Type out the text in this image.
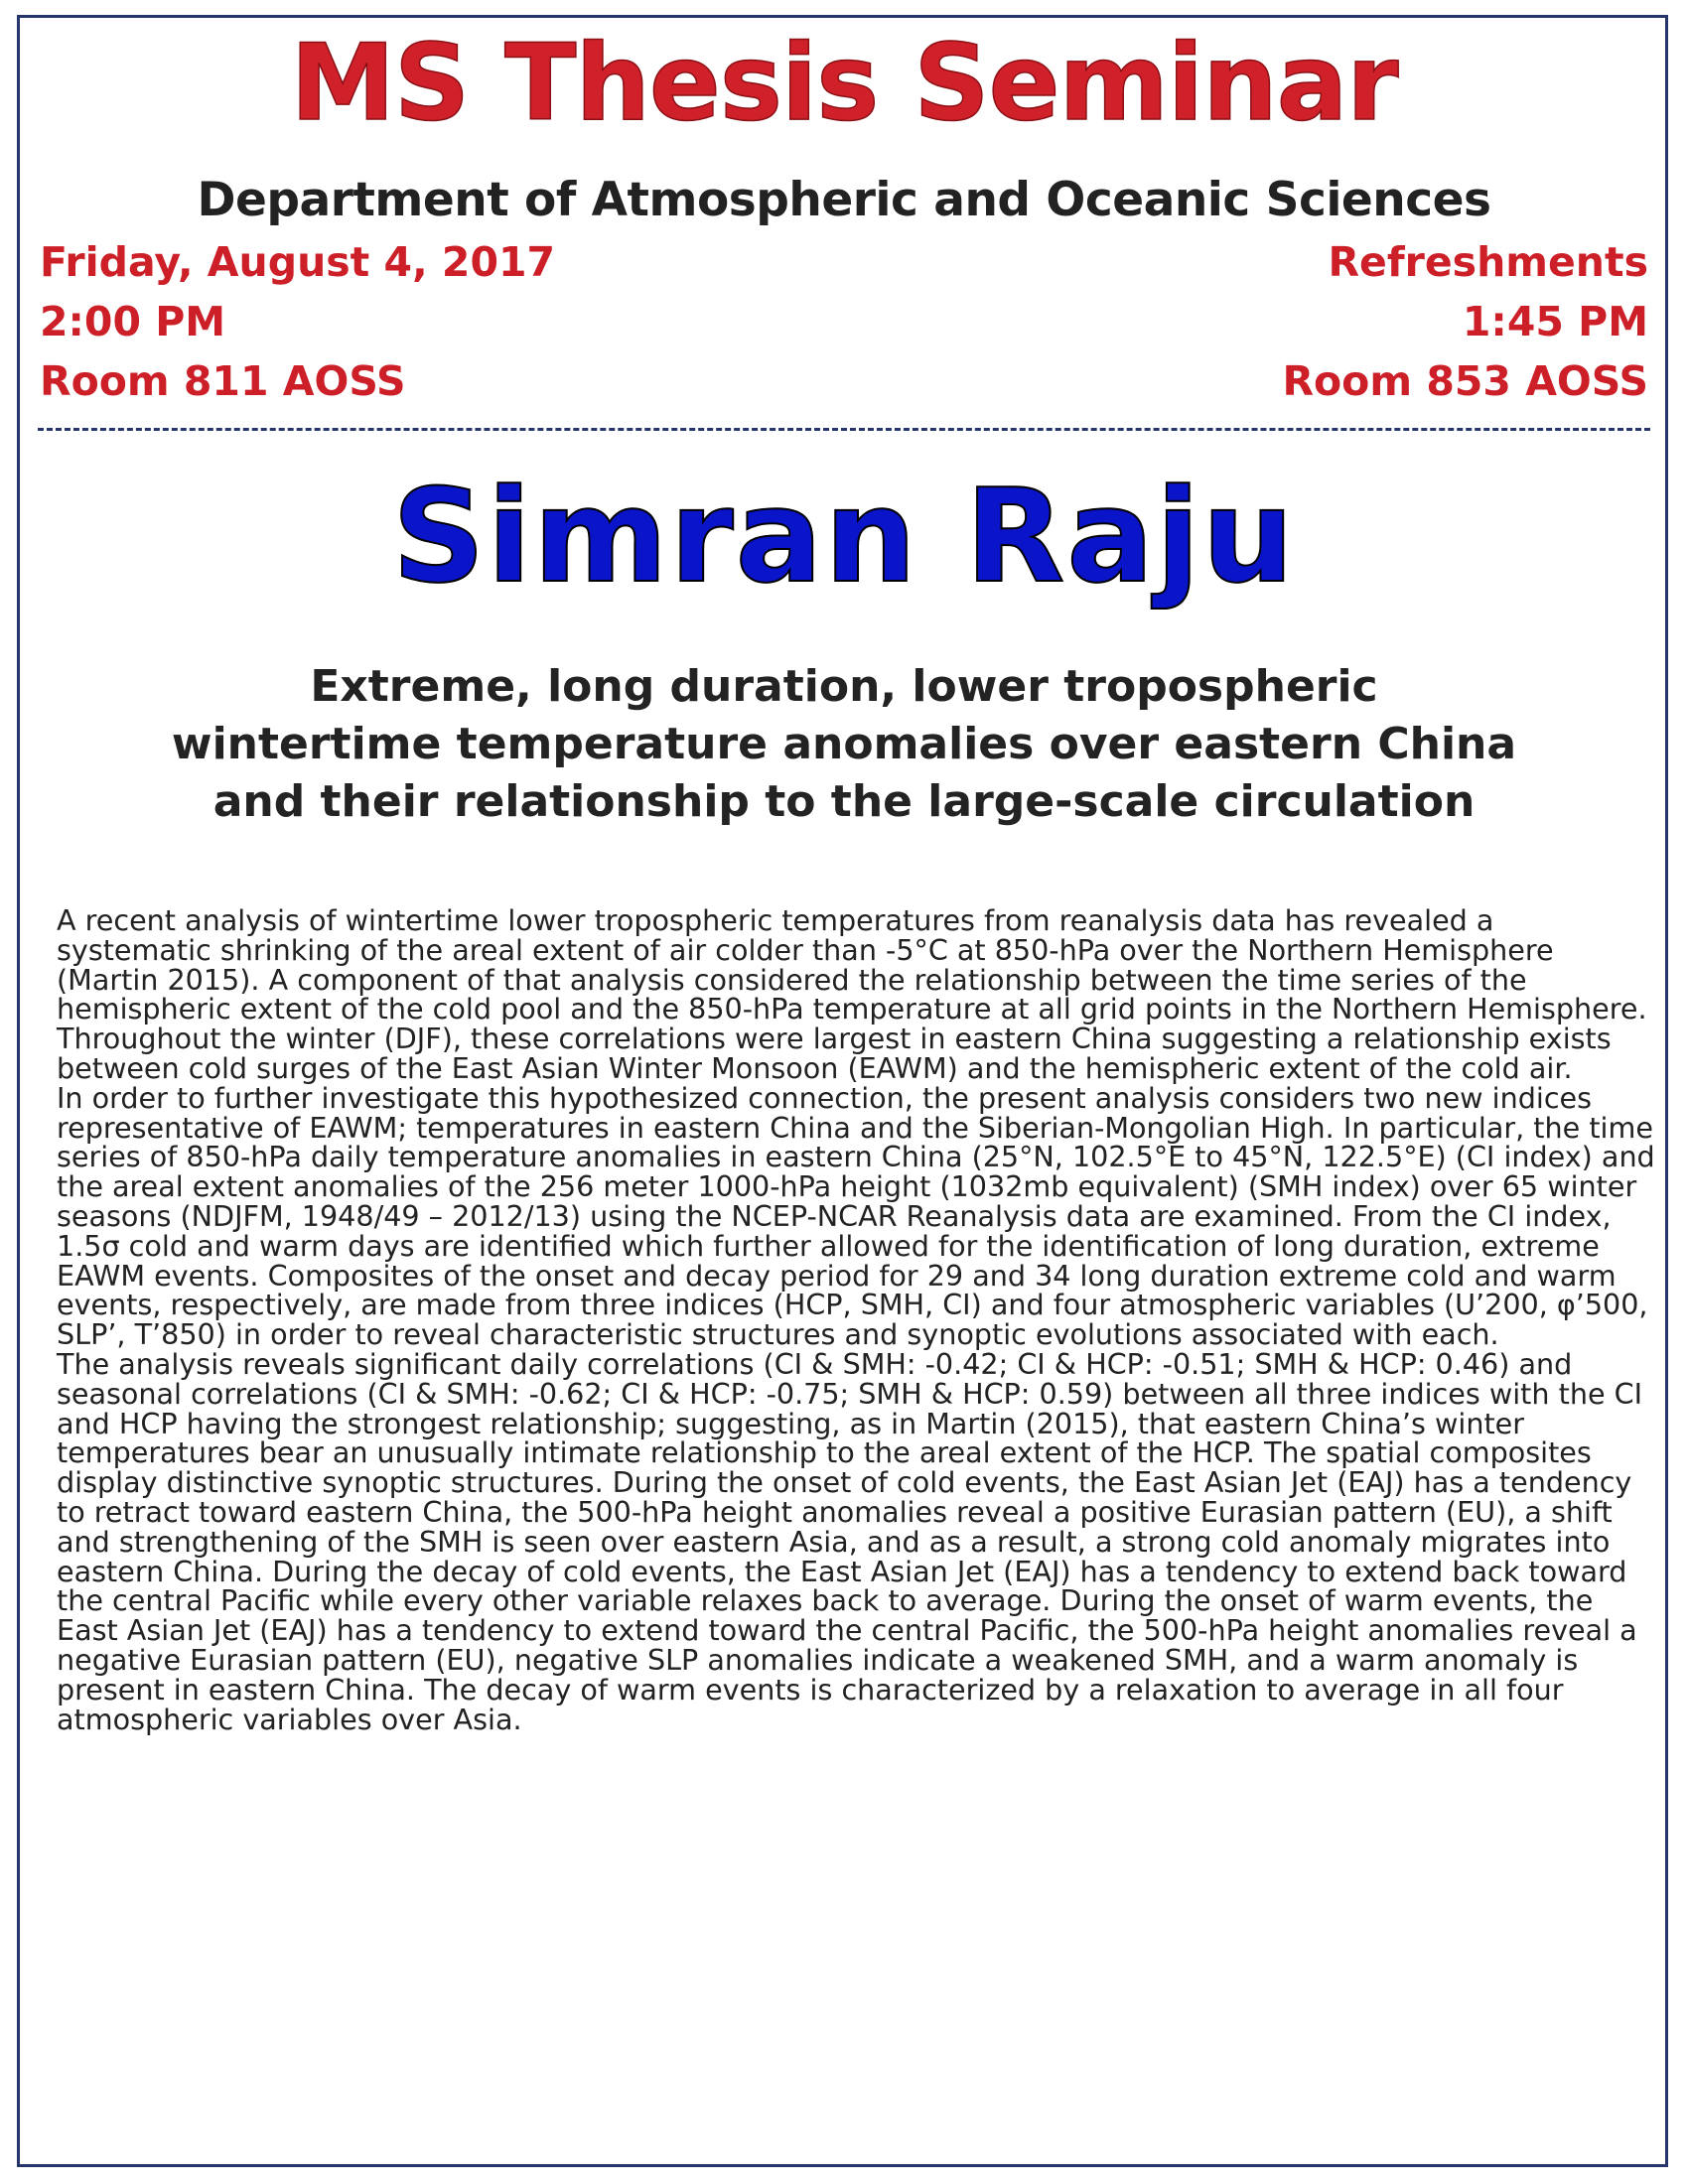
MS Thesis Seminar
Department of Atmospheric and Oceanic Sciences
Friday, August 4, 2017
2:00 PM
Room 811 AOSS
Refreshments
1:45 PM
Room 853 AOSS
Simran Raju
Extreme, long duration, lower tropospheric
wintertime temperature anomalies over eastern China
and their relationship to the large-scale circulation

A recent analysis of wintertime lower tropospheric temperatures from reanalysis data has revealed a systematic shrinking of the areal extent of air colder than -5°C at 850-hPa over the Northern Hemisphere (Martin 2015). A component of that analysis considered the relationship between the time series of the hemispheric extent of the cold pool and the 850-hPa temperature at all grid points in the Northern Hemisphere. Throughout the winter (DJF), these correlations were largest in eastern China suggesting a relationship exists between cold surges of the East Asian Winter Monsoon (EAWM) and the hemispheric extent of the cold air.

In order to further investigate this hypothesized connection, the present analysis considers two new indices representative of EAWM; temperatures in eastern China and the Siberian-Mongolian High. In particular, the time series of 850-hPa daily temperature anomalies in eastern China (25°N, 102.5°E to 45°N, 122.5°E) (CI index) and the areal extent anomalies of the 256 meter 1000-hPa height (1032mb equivalent) (SMH index) over 65 winter seasons (NDJFM, 1948/49 – 2012/13) using the NCEP-NCAR Reanalysis data are examined. From the CI index, 1.5σ cold and warm days are identified which further allowed for the identification of long duration, extreme EAWM events. Composites of the onset and decay period for 29 and 34 long duration extreme cold and warm events, respectively, are made from three indices (HCP, SMH, CI) and four atmospheric variables (U’200, φ’500, SLP’, T’850) in order to reveal characteristic structures and synoptic evolutions associated with each.

The analysis reveals significant daily correlations (CI & SMH: -0.42; CI & HCP: -0.51; SMH & HCP: 0.46) and seasonal correlations (CI & SMH: -0.62; CI & HCP: -0.75; SMH & HCP: 0.59) between all three indices with the CI and HCP having the strongest relationship; suggesting, as in Martin (2015), that eastern China’s winter temperatures bear an unusually intimate relationship to the areal extent of the HCP. The spatial composites display distinctive synoptic structures. During the onset of cold events, the East Asian Jet (EAJ) has a tendency to retract toward eastern China, the 500-hPa height anomalies reveal a positive Eurasian pattern (EU), a shift and strengthening of the SMH is seen over eastern Asia, and as a result, a strong cold anomaly migrates into eastern China. During the decay of cold events, the East Asian Jet (EAJ) has a tendency to extend back toward the central Pacific while every other variable relaxes back to average. During the onset of warm events, the East Asian Jet (EAJ) has a tendency to extend toward the central Pacific, the 500-hPa height anomalies reveal a negative Eurasian pattern (EU), negative SLP anomalies indicate a weakened SMH, and a warm anomaly is present in eastern China. The decay of warm events is characterized by a relaxation to average in all four atmospheric variables over Asia.
